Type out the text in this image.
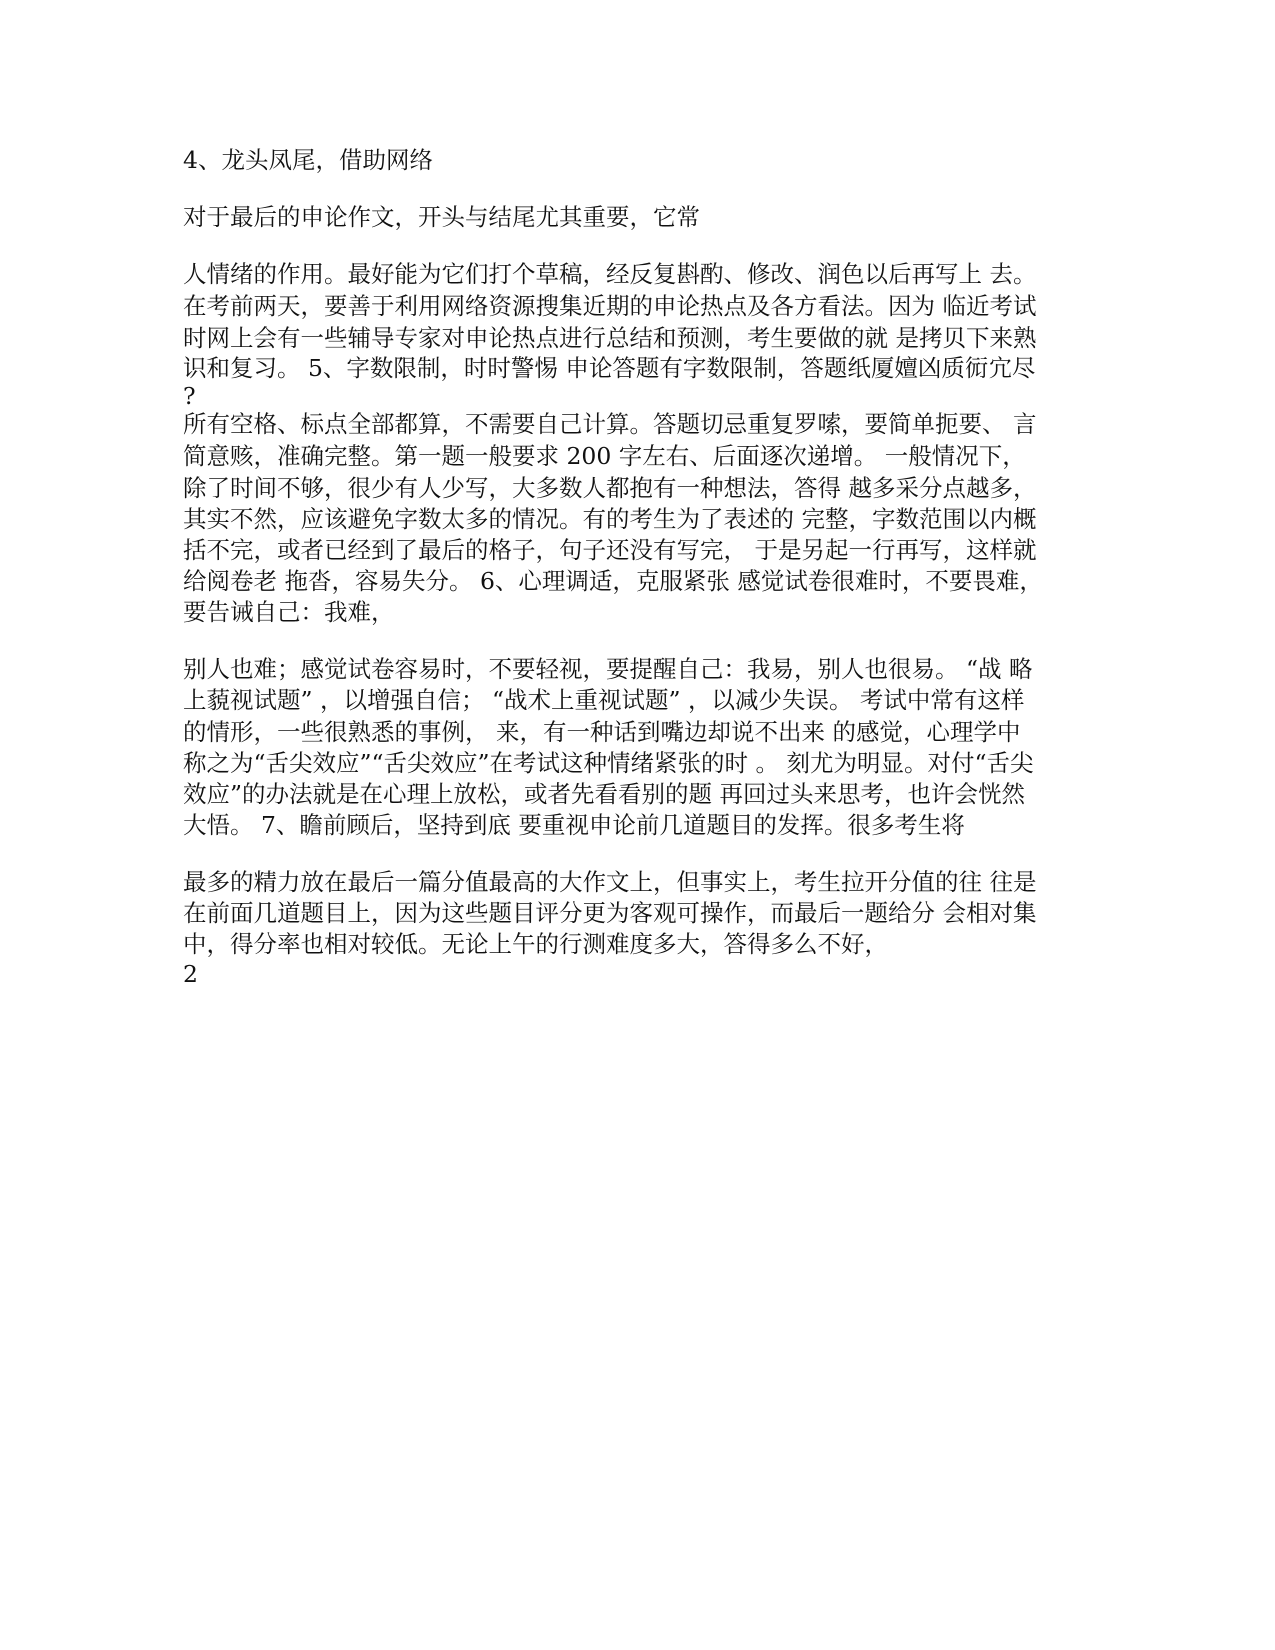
4、龙头凤尾，借助网络
对于最后的申论作文，开头与结尾尤其重要，它常
人情绪的作用。最好能为它们打个草稿，经反复斟酌、修改、润色以后再写上 去。
在考前两天，要善于利用网络资源搜集近期的申论热点及各方看法。因为 临近考试
时网上会有一些辅导专家对申论热点进行总结和预测，考生要做的就 是拷贝下来熟
识和复习。 5、字数限制，时时警惕 申论答题有字数限制，答题纸厦嬗凶质衏宂尽
?
所有空格、标点全部都算，不需要自己计算。答题切忌重复罗嗦，要简单扼要、 言
简意赅，准确完整。第一题一般要求 200 字左右、后面逐次递增。 一般情况下，
除了时间不够，很少有人少写，大多数人都抱有一种想法，答得 越多采分点越多，
其实不然，应该避免字数太多的情况。有的考生为了表述的 完整，字数范围以内概
括不完，或者已经到了最后的格子，句子还没有写完， 于是另起一行再写，这样就
给阅卷老 拖沓，容易失分。 6、心理调适，克服紧张 感觉试卷很难时，不要畏难，
要告诫自己：我难，
别人也难；感觉试卷容易时，不要轻视，要提醒自己：我易，别人也很易。 “战 略
上藐视试题” ，以增强自信； “战术上重视试题” ，以减少失误。 考试中常有这样
的情形，一些很熟悉的事例， 来，有一种话到嘴边却说不出来 的感觉，心理学中
称之为“舌尖效应”“舌尖效应”在考试这种情绪紧张的时 。 刻尤为明显。对付“舌尖
效应”的办法就是在心理上放松，或者先看看别的题 再回过头来思考，也许会恍然
大悟。 7、瞻前顾后，坚持到底 要重视申论前几道题目的发挥。很多考生将
最多的精力放在最后一篇分值最高的大作文上，但事实上，考生拉开分值的往 往是
在前面几道题目上，因为这些题目评分更为客观可操作，而最后一题给分 会相对集
中，得分率也相对较低。无论上午的行测难度多大，答得多么不好，
2
